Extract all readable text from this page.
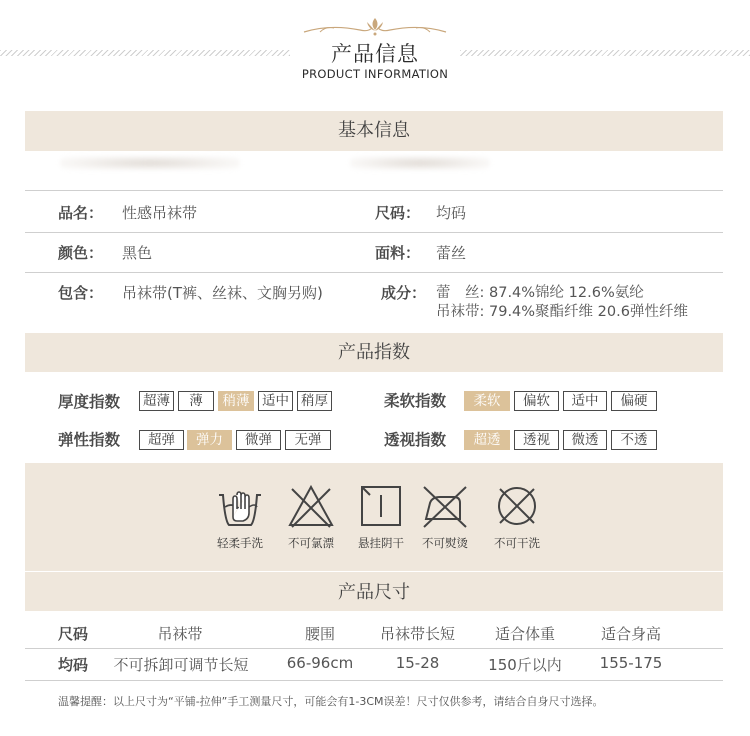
产品信息
PRODUCT INFORMATION
基本信息
品名： 性感吊袜带	尺码： 均码
颜色： 黑色	面料： 蕾丝
包含： 吊袜带(T裤、丝袜、文胸另购)	成分： 蕾　丝: 87.4%锦纶 12.6%氨纶
吊袜带: 79.4%聚酯纤维 20.6弹性纤维
产品指数
厚度指数 超薄	薄	稍薄 适中 稍厚	柔软指数	柔软	偏软	适中	偏硬
弹性指数	超弹	弹力	微弹	无弹	透视指数	超透	透视	微透	不透
轻柔手洗	不可氯漂	悬挂阴干	不可熨烫	不可干洗
产品尺寸
尺码	吊袜带	腰围	吊袜带长短	适合体重	适合身高
均码	不可拆卸可调节长短	66-96cm	15-28	150斤以内	155-175
温馨提醒：以上尺寸为“平铺-拉伸”手工测量尺寸，可能会有1-3CM误差！尺寸仅供参考，请结合自身尺寸选择。
